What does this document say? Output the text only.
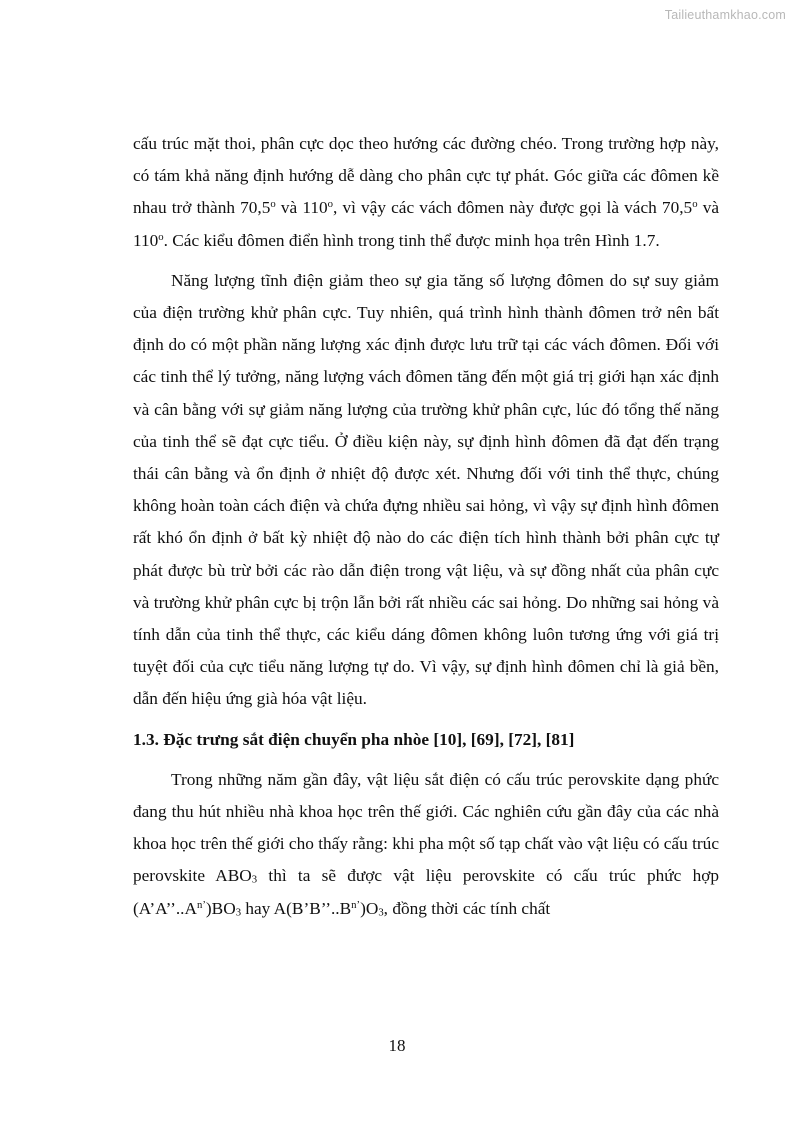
Tailieuthamkhao.com

cấu trúc mặt thoi, phân cực dọc theo hướng các đường chéo. Trong trường hợp này, có tám khả năng định hướng dễ dàng cho phân cực tự phát. Góc giữa các đômen kề nhau trở thành 70,5$^o$ và 110$^o$, vì vậy các vách đômen này được gọi là vách 70,5$^o$ và 110$^o$. Các kiểu đômen điển hình trong tinh thể được minh họa trên Hình 1.7.

Năng lượng tĩnh điện giảm theo sự gia tăng số lượng đômen do sự suy giảm của điện trường khử phân cực. Tuy nhiên, quá trình hình thành đômen trở nên bất định do có một phần năng lượng xác định được lưu trữ tại các vách đômen. Đối với các tinh thể lý tưởng, năng lượng vách đômen tăng đến một giá trị giới hạn xác định và cân bằng với sự giảm năng lượng của trường khử phân cực, lúc đó tổng thế năng của tinh thể sẽ đạt cực tiểu. Ở điều kiện này, sự định hình đômen đã đạt đến trạng thái cân bằng và ổn định ở nhiệt độ được xét. Nhưng đối với tinh thể thực, chúng không hoàn toàn cách điện và chứa đựng nhiều sai hỏng, vì vậy sự định hình đômen rất khó ổn định ở bất kỳ nhiệt độ nào do các điện tích hình thành bởi phân cực tự phát được bù trừ bởi các rào dẫn điện trong vật liệu, và sự đồng nhất của phân cực và trường khử phân cực bị trộn lẫn bởi rất nhiều các sai hỏng. Do những sai hỏng và tính dẫn của tinh thể thực, các kiểu dáng đômen không luôn tương ứng với giá trị tuyệt đối của cực tiểu năng lượng tự do. Vì vậy, sự định hình đômen chỉ là giả bền, dẫn đến hiệu ứng già hóa vật liệu.

1.3. Đặc trưng sắt điện chuyển pha nhòe [10], [69], [72], [81]

Trong những năm gần đây, vật liệu sắt điện có cấu trúc perovskite dạng phức đang thu hút nhiều nhà khoa học trên thế giới. Các nghiên cứu gần đây của các nhà khoa học trên thế giới cho thấy rằng: khi pha một số tạp chất vào vật liệu có cấu trúc perovskite $ABO_3$ thì ta sẽ được vật liệu perovskite có cấu trúc phức hợp $(A’A’’..A^{n’})BO_3$ hay $A(B’B’’..B^{n’})O_3$, đồng thời các tính chất

18
